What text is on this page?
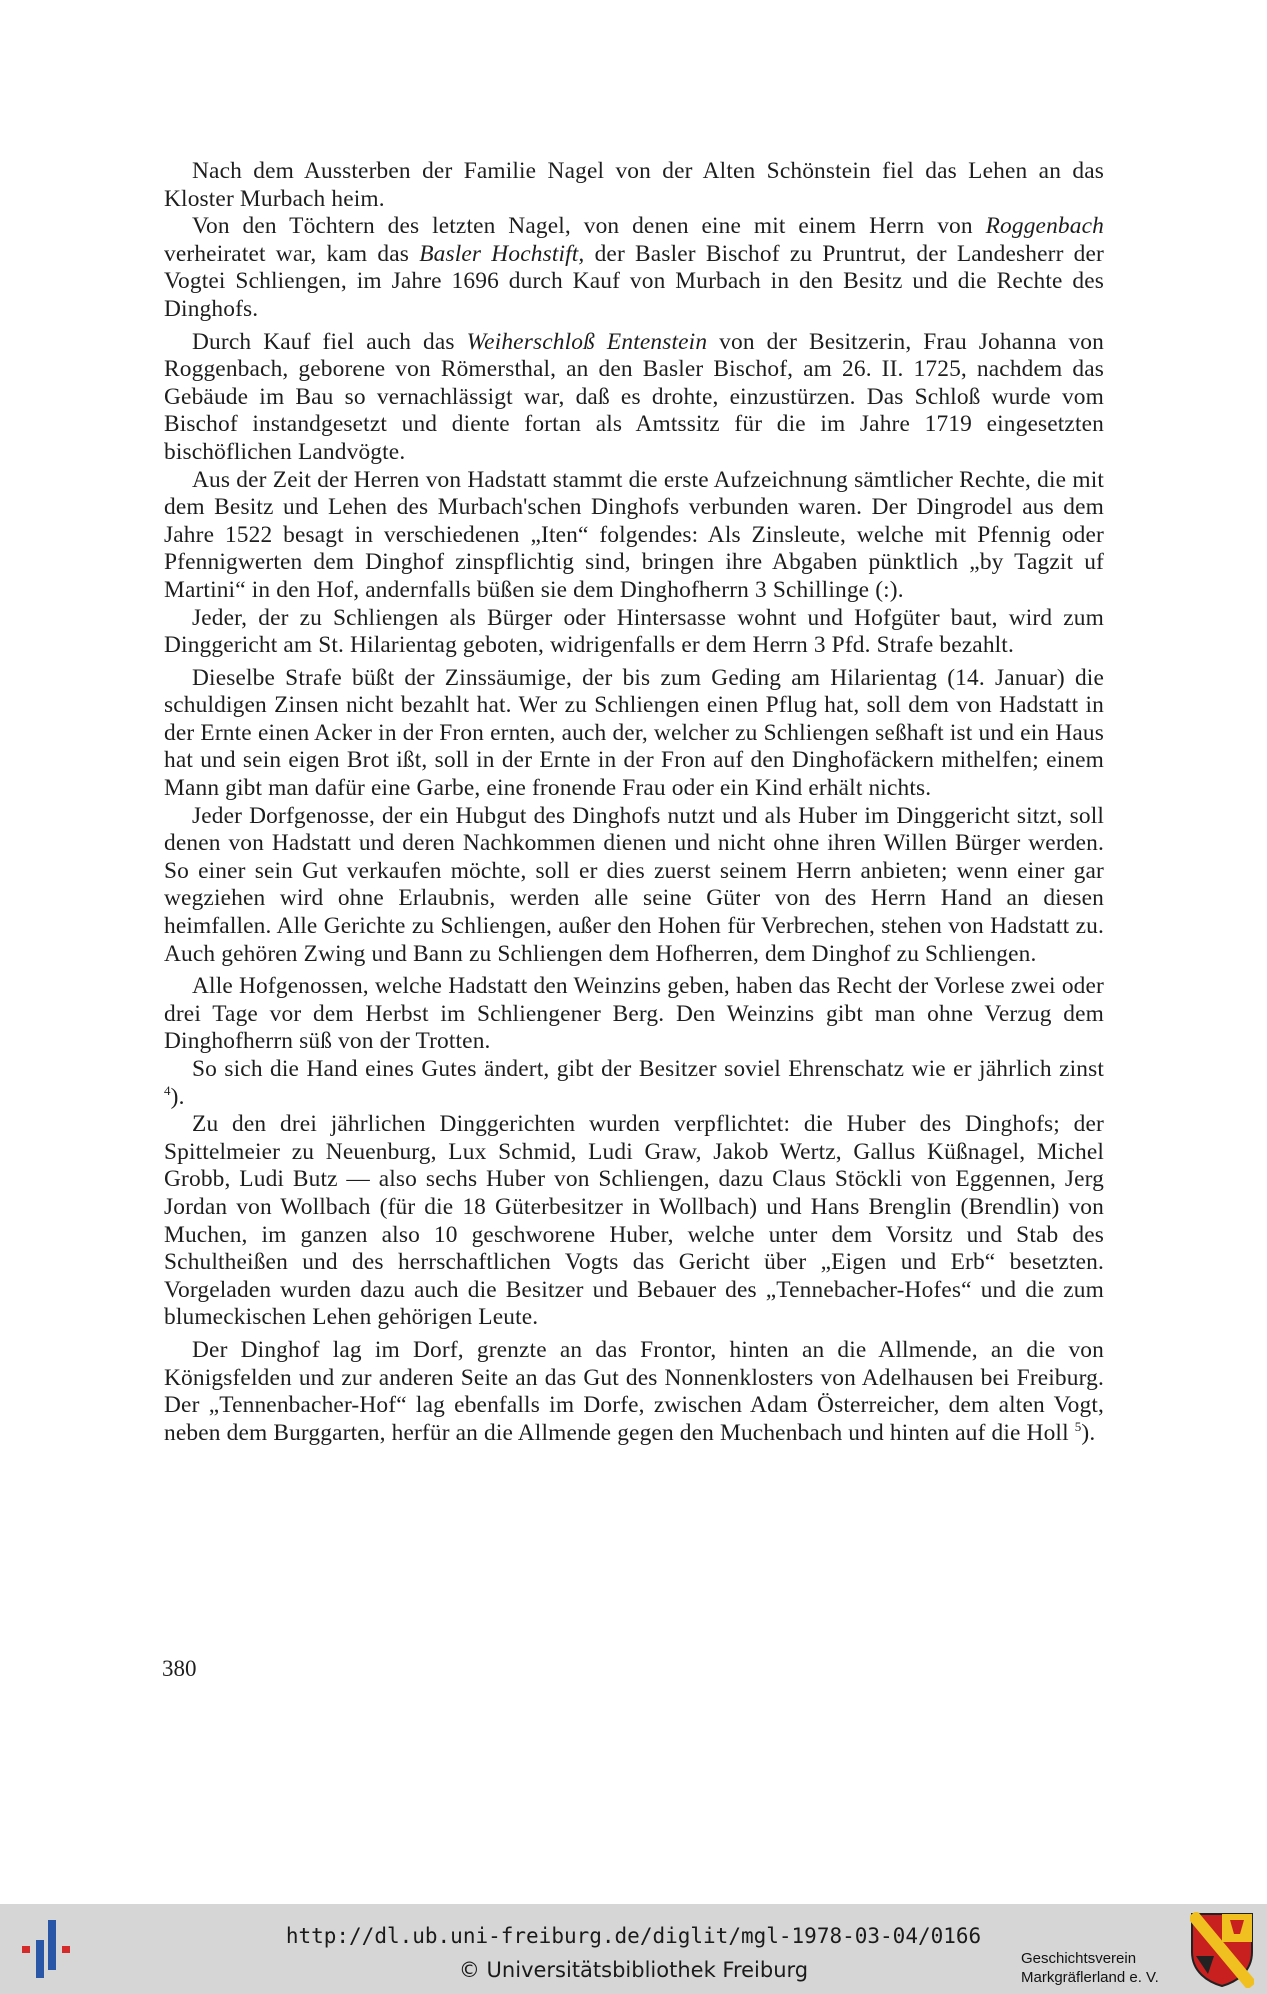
Nach dem Aussterben der Familie Nagel von der Alten Schönstein fiel das Lehen an das Kloster Murbach heim.

Von den Töchtern des letzten Nagel, von denen eine mit einem Herrn von Roggenbach verheiratet war, kam das Basler Hochstift, der Basler Bischof zu Pruntrut, der Landesherr der Vogtei Schliengen, im Jahre 1696 durch Kauf von Murbach in den Besitz und die Rechte des Dinghofs.

Durch Kauf fiel auch das Weiherschloß Entenstein von der Besitzerin, Frau Johanna von Roggenbach, geborene von Römersthal, an den Basler Bischof, am 26. II. 1725, nachdem das Gebäude im Bau so vernachlässigt war, daß es drohte, einzustürzen. Das Schloß wurde vom Bischof instandgesetzt und diente fortan als Amtssitz für die im Jahre 1719 eingesetzten bischöflichen Landvögte.

Aus der Zeit der Herren von Hadstatt stammt die erste Aufzeichnung sämtlicher Rechte, die mit dem Besitz und Lehen des Murbach'schen Dinghofs verbunden waren. Der Dingrodel aus dem Jahre 1522 besagt in verschiedenen „Iten“ folgendes: Als Zinsleute, welche mit Pfennig oder Pfennigwerten dem Dinghof zinspflichtig sind, bringen ihre Abgaben pünktlich „by Tagzit uf Martini“ in den Hof, andernfalls büßen sie dem Dinghofherrn 3 Schillinge (:).

Jeder, der zu Schliengen als Bürger oder Hintersasse wohnt und Hofgüter baut, wird zum Dinggericht am St. Hilarientag geboten, widrigenfalls er dem Herrn 3 Pfd. Strafe bezahlt.

Dieselbe Strafe büßt der Zinssäumige, der bis zum Geding am Hilarientag (14. Januar) die schuldigen Zinsen nicht bezahlt hat. Wer zu Schliengen einen Pflug hat, soll dem von Hadstatt in der Ernte einen Acker in der Fron ernten, auch der, welcher zu Schliengen seßhaft ist und ein Haus hat und sein eigen Brot ißt, soll in der Ernte in der Fron auf den Dinghofäckern mithelfen; einem Mann gibt man dafür eine Garbe, eine fronende Frau oder ein Kind erhält nichts.

Jeder Dorfgenosse, der ein Hubgut des Dinghofs nutzt und als Huber im Dinggericht sitzt, soll denen von Hadstatt und deren Nachkommen dienen und nicht ohne ihren Willen Bürger werden. So einer sein Gut verkaufen möchte, soll er dies zuerst seinem Herrn anbieten; wenn einer gar wegziehen wird ohne Erlaubnis, werden alle seine Güter von des Herrn Hand an diesen heimfallen. Alle Gerichte zu Schliengen, außer den Hohen für Verbrechen, stehen von Hadstatt zu. Auch gehören Zwing und Bann zu Schliengen dem Hofherren, dem Dinghof zu Schliengen.

Alle Hofgenossen, welche Hadstatt den Weinzins geben, haben das Recht der Vorlese zwei oder drei Tage vor dem Herbst im Schliengener Berg. Den Weinzins gibt man ohne Verzug dem Dinghofherrn süß von der Trotten.

So sich die Hand eines Gutes ändert, gibt der Besitzer soviel Ehrenschatz wie er jährlich zinst $^4$).

Zu den drei jährlichen Dinggerichten wurden verpflichtet: die Huber des Dinghofs; der Spittelmeier zu Neuenburg, Lux Schmid, Ludi Graw, Jakob Wertz, Gallus Küßnagel, Michel Grobb, Ludi Butz — also sechs Huber von Schliengen, dazu Claus Stöckli von Eggennen, Jerg Jordan von Wollbach (für die 18 Güterbesitzer in Wollbach) und Hans Brenglin (Brendlin) von Muchen, im ganzen also 10 geschworene Huber, welche unter dem Vorsitz und Stab des Schultheißen und des herrschaftlichen Vogts das Gericht über „Eigen und Erb“ besetzten. Vorgeladen wurden dazu auch die Besitzer und Bebauer des „Tennebacher-Hofes“ und die zum blumeckischen Lehen gehörigen Leute.

Der Dinghof lag im Dorf, grenzte an das Frontor, hinten an die Allmende, an die von Königsfelden und zur anderen Seite an das Gut des Nonnenklosters von Adelhausen bei Freiburg. Der „Tennenbacher-Hof“ lag ebenfalls im Dorfe, zwischen Adam Österreicher, dem alten Vogt, neben dem Burggarten, herfür an die Allmende gegen den Muchenbach und hinten auf die Holl $^5$).

380
http://dl.ub.uni-freiburg.de/diglit/mgl-1978-03-04/0166
© Universitätsbibliothek Freiburg	Geschichtsverein
Markgräflerland e. V.
